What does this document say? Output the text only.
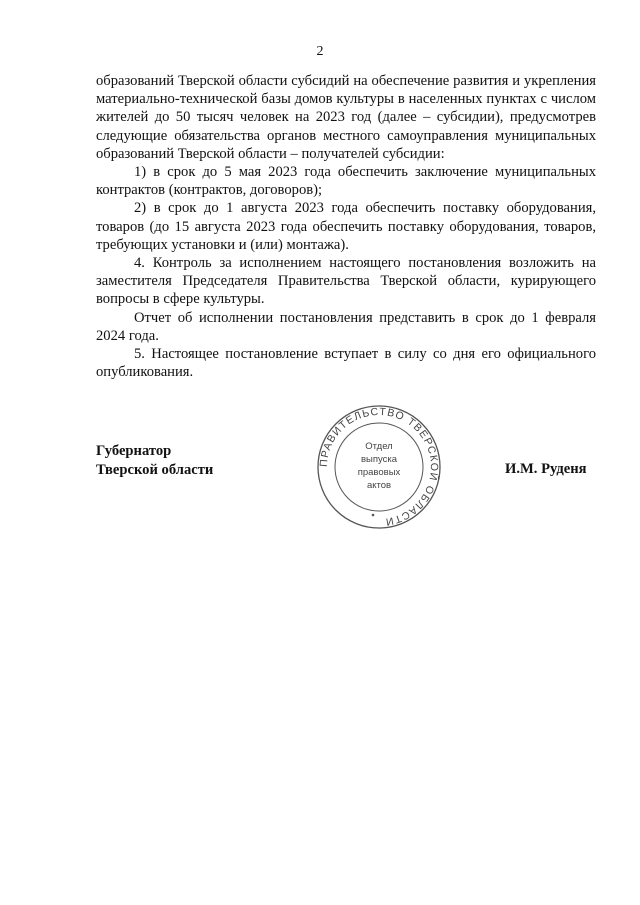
2

образований Тверской области субсидий на обеспечение развития и укрепления материально-технической базы домов культуры в населенных пунктах с числом жителей до 50 тысяч человек на 2023 год (далее – субсидии), предусмотрев следующие обязательства органов местного самоуправления муниципальных образований Тверской области – получателей субсидии:

1) в срок до 5 мая 2023 года обеспечить заключение муниципальных контрактов (контрактов, договоров);

2) в срок до 1 августа 2023 года обеспечить поставку оборудования, товаров (до 15 августа 2023 года обеспечить поставку оборудования, товаров, требующих установки и (или) монтажа).

4. Контроль за исполнением настоящего постановления возложить на заместителя Председателя Правительства Тверской области, курирующего вопросы в сфере культуры.

Отчет об исполнении постановления представить в срок до 1 февраля 2024 года.

5. Настоящее постановление вступает в силу со дня его официального опубликования.

Губернатор
Тверской области	И.М. Руденя
ПРАВИТЕЛЬСТВО ТВЕРСКОЙ ОБЛАСТИ
Отдел
выпуска
правовых
актов
